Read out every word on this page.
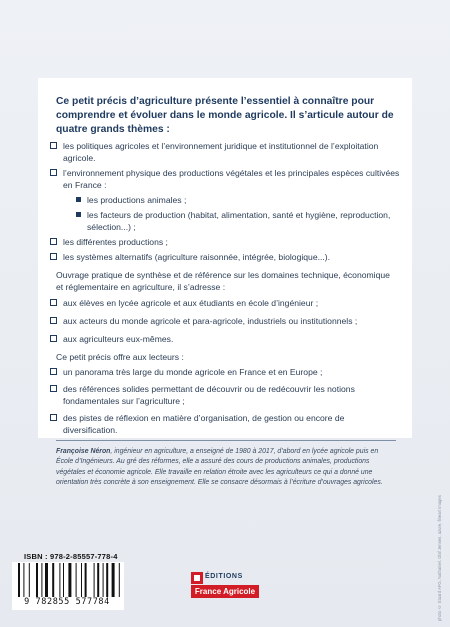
Ce petit précis d’agriculture présente l’essentiel à connaître pour comprendre et évoluer dans le monde agricole. Il s’articule autour de quatre grands thèmes :

les politiques agricoles et l’environnement juridique et institutionnel de l’exploitation agricole.
l’environnement physique des productions végétales et les principales espèces cultivées en France :
les productions animales ;
les facteurs de production (habitat, alimentation, santé et hygiène, reproduction, sélection...) ;
les différentes productions ;
les systèmes alternatifs (agriculture raisonnée, intégrée, biologique...).

Ouvrage pratique de synthèse et de référence sur les domaines technique, économique et réglementaire en agriculture, il s’adresse :

aux élèves en lycée agricole et aux étudiants en école d’ingénieur ;
aux acteurs du monde agricole et para-agricole, industriels ou institutionnels ;
aux agriculteurs eux-mêmes.

Ce petit précis offre aux lecteurs :

un panorama très large du monde agricole en France et en Europe ;
des références solides permettant de découvrir ou de redécouvrir les notions fondamentales sur l’agriculture ;
des pistes de réflexion en matière d’organisation, de gestion ou encore de diversification.

Françoise Néron, ingénieur en agriculture, a enseigné de 1980 à 2017, d’abord en lycée agricole puis en École d’Ingénieurs. Au gré des réformes, elle a assuré des cours de productions animales, productions végétales et économie agricole. Elle travaille en relation étroite avec les agriculteurs ce qui a donné une orientation très concrète à son enseignement. Elle se consacre désormais à l’écriture d’ouvrages agricoles.

ISBN : 978-2-85557-778-4
9 782855 577784
ÉDITIONS
France Agricole	photo © Stuard AFG, Nathaniel, Olaf Jensen, azure, fineart images
